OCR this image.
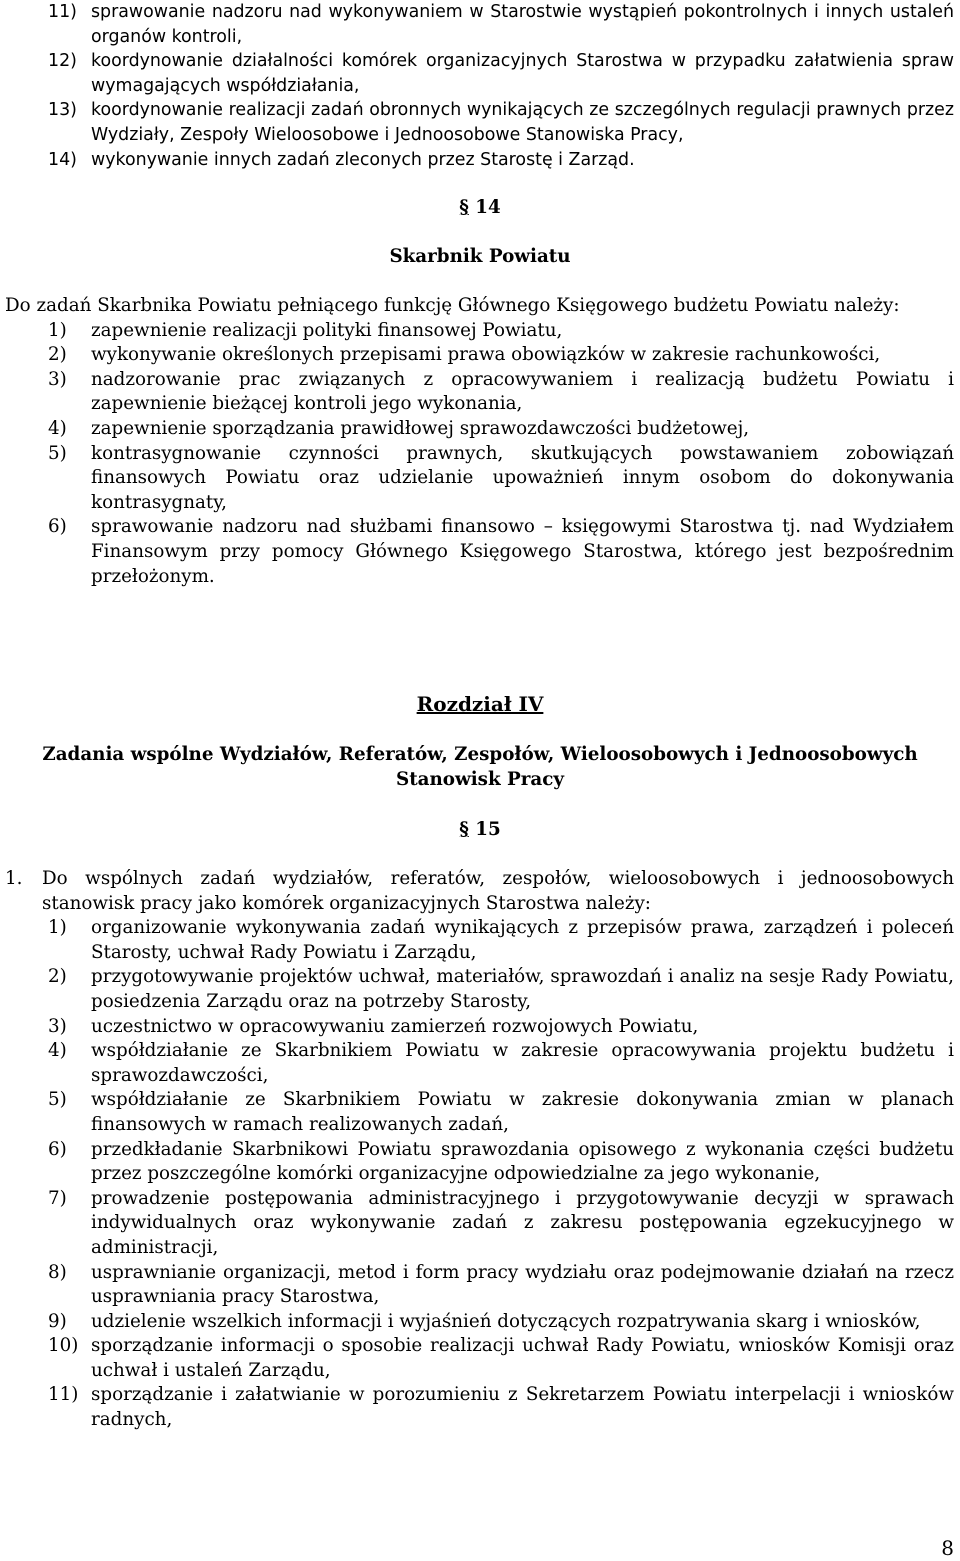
11) sprawowanie nadzoru nad wykonywaniem w Starostwie wystąpień pokontrolnych i innych ustaleń organów kontroli,
12) koordynowanie działalności komórek organizacyjnych Starostwa w przypadku załatwienia spraw wymagających współdziałania,
13) koordynowanie realizacji zadań obronnych wynikających ze szczególnych regulacji prawnych przez Wydziały, Zespoły Wieloosobowe i Jednoosobowe Stanowiska Pracy,
14) wykonywanie innych zadań zleconych przez Starostę i Zarząd.
§ 14
Skarbnik Powiatu
Do zadań Skarbnika Powiatu pełniącego funkcję Głównego Księgowego budżetu Powiatu należy:
1) zapewnienie realizacji polityki finansowej Powiatu,
2) wykonywanie określonych przepisami prawa obowiązków w zakresie rachunkowości,
3) nadzorowanie prac związanych z opracowywaniem i realizacją budżetu Powiatu i zapewnienie bieżącej kontroli jego wykonania,
4) zapewnienie sporządzania prawidłowej sprawozdawczości budżetowej,
5) kontrasygnowanie czynności prawnych, skutkujących powstawaniem zobowiązań finansowych Powiatu oraz udzielanie upoważnień innym osobom do dokonywania kontrasygnaty,
6) sprawowanie nadzoru nad służbami finansowo – księgowymi Starostwa tj. nad Wydziałem Finansowym przy pomocy Głównego Księgowego Starostwa, którego jest bezpośrednim przełożonym.
Rozdział IV
Zadania wspólne Wydziałów, Referatów, Zespołów, Wieloosobowych i Jednoosobowych Stanowisk Pracy
§ 15
1. Do wspólnych zadań wydziałów, referatów, zespołów, wieloosobowych i jednoosobowych stanowisk pracy jako komórek organizacyjnych Starostwa należy:
1) organizowanie wykonywania zadań wynikających z przepisów prawa, zarządzeń i poleceń Starosty, uchwał Rady Powiatu i Zarządu,
2) przygotowywanie projektów uchwał, materiałów, sprawozdań i analiz na sesje Rady Powiatu, posiedzenia Zarządu oraz na potrzeby Starosty,
3) uczestnictwo w opracowywaniu zamierzeń rozwojowych Powiatu,
4) współdziałanie ze Skarbnikiem Powiatu w zakresie opracowywania projektu budżetu i sprawozdawczości,
5) współdziałanie ze Skarbnikiem Powiatu w zakresie dokonywania zmian w planach finansowych w ramach realizowanych zadań,
6) przedkładanie Skarbnikowi Powiatu sprawozdania opisowego z wykonania części budżetu przez poszczególne komórki organizacyjne odpowiedzialne za jego wykonanie,
7) prowadzenie postępowania administracyjnego i przygotowywanie decyzji w sprawach indywidualnych oraz wykonywanie zadań z zakresu postępowania egzekucyjnego w administracji,
8) usprawnianie organizacji, metod i form pracy wydziału oraz podejmowanie działań na rzecz usprawniania pracy Starostwa,
9) udzielenie wszelkich informacji i wyjaśnień dotyczących rozpatrywania skarg i wniosków,
10) sporządzanie informacji o sposobie realizacji uchwał Rady Powiatu, wniosków Komisji oraz uchwał i ustaleń Zarządu,
11) sporządzanie i załatwianie w porozumieniu z Sekretarzem Powiatu interpelacji i wniosków radnych,
8
